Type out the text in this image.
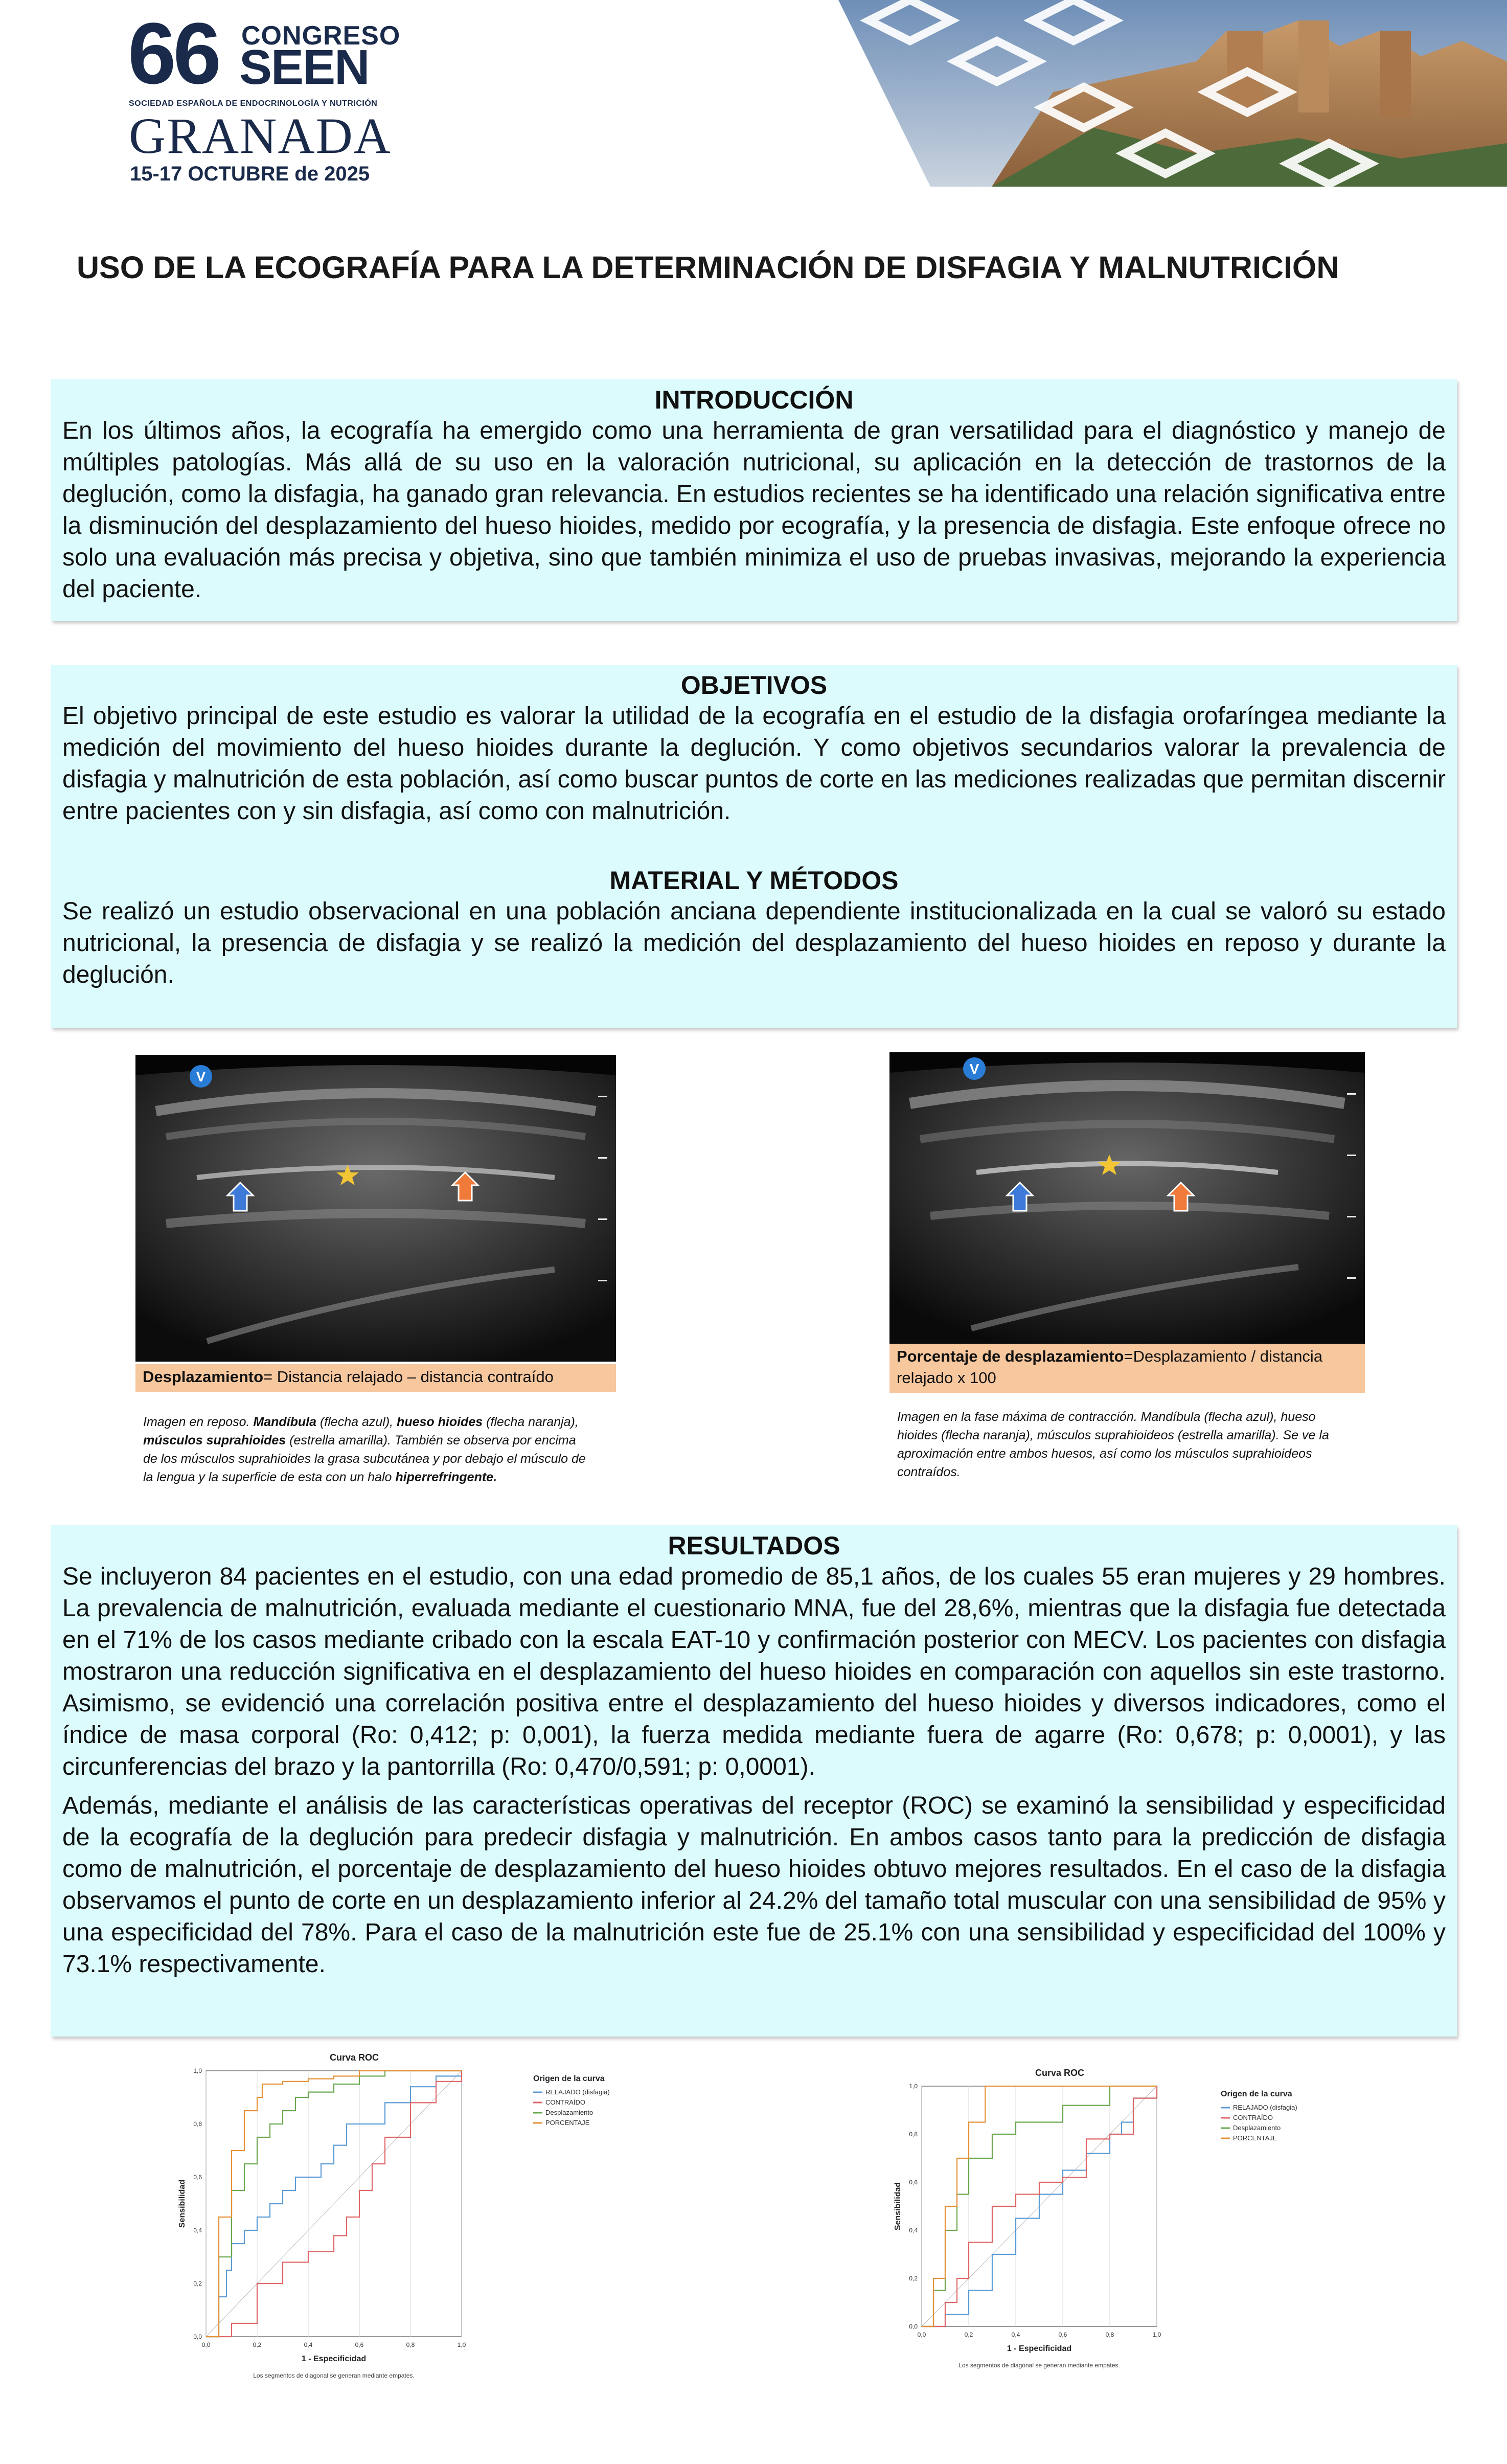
66 CONGRESO
SEEN
SOCIEDAD ESPAÑOLA DE ENDOCRINOLOGÍA Y NUTRICIÓN
GRANADA
15-17 OCTUBRE de 2025
USO DE LA ECOGRAFÍA PARA LA DETERMINACIÓN DE DISFAGIA Y MALNUTRICIÓN
INTRODUCCIÓN

En los últimos años, la ecografía ha emergido como una herramienta de gran versatilidad para el diagnóstico y manejo de múltiples patologías. Más allá de su uso en la valoración nutricional, su aplicación en la detección de trastornos de la deglución, como la disfagia, ha ganado gran relevancia. En estudios recientes se ha identificado una relación significativa entre la disminución del desplazamiento del hueso hioides, medido por ecografía, y la presencia de disfagia. Este enfoque ofrece no solo una evaluación más precisa y objetiva, sino que también minimiza el uso de pruebas invasivas, mejorando la experiencia del paciente.

OBJETIVOS

El objetivo principal de este estudio es valorar la utilidad de la ecografía en el estudio de la disfagia orofaríngea mediante la medición del movimiento del hueso hioides durante la deglución. Y como objetivos secundarios valorar la prevalencia de disfagia y malnutrición de esta población, así como buscar puntos de corte en las mediciones realizadas que permitan discernir entre pacientes con y sin disfagia, así como con malnutrición.

MATERIAL Y MÉTODOS

Se realizó un estudio observacional en una población anciana dependiente institucionalizada en la cual se valoró su estado nutricional, la presencia de disfagia y se realizó la medición del desplazamiento del hueso hioides en reposo y durante la deglución.

V
Desplazamiento= Distancia relajado – distancia contraído
Imagen en reposo. Mandíbula (flecha azul), hueso hioides (flecha naranja), músculos suprahioides (estrella amarilla). También se observa por encima de los músculos suprahioides la grasa subcutánea y por debajo el músculo de la lengua y la superficie de esta con un halo hiperrefringente.
V
Porcentaje de desplazamiento=Desplazamiento / distancia relajado x 100
Imagen en la fase máxima de contracción. Mandíbula (flecha azul), hueso hioides (flecha naranja), músculos suprahioideos (estrella amarilla). Se ve la aproximación entre ambos huesos, así como los músculos suprahioideos contraídos.
RESULTADOS

Se incluyeron 84 pacientes en el estudio, con una edad promedio de 85,1 años, de los cuales 55 eran mujeres y 29 hombres. La prevalencia de malnutrición, evaluada mediante el cuestionario MNA, fue del 28,6%, mientras que la disfagia fue detectada en el 71% de los casos mediante cribado con la escala EAT-10 y confirmación posterior con MECV. Los pacientes con disfagia mostraron una reducción significativa en el desplazamiento del hueso hioides en comparación con aquellos sin este trastorno. Asimismo, se evidenció una correlación positiva entre el desplazamiento del hueso hioides y diversos indicadores, como el índice de masa corporal (Ro: 0,412; p: 0,001), la fuerza medida mediante fuera de agarre (Ro: 0,678; p: 0,0001), y las circunferencias del brazo y la pantorrilla (Ro: 0,470/0,591; p: 0,0001).

Además, mediante el análisis de las características operativas del receptor (ROC) se examinó la sensibilidad y especificidad de la ecografía de la deglución para predecir disfagia y malnutrición. En ambos casos tanto para la predicción de disfagia como de malnutrición, el porcentaje de desplazamiento del hueso hioides obtuvo mejores resultados. En el caso de la disfagia observamos el punto de corte en un desplazamiento inferior al 24.2% del tamaño total muscular con una sensibilidad de 95% y una especificidad del 78%. Para el caso de la malnutrición este fue de 25.1% con una sensibilidad y especificidad del 100% y 73.1% respectivamente.

Curva ROC
0,0
0,0
0,2
0,2
0,4
0,4
0,6
0,6
0,8
0,8
1,0
1,0
1 - Especificidad
Sensibilidad
Los segmentos de diagonal se generan mediante empates.
Origen de la curva
RELAJADO (disfagia)
CONTRAÍDO
Desplazamiento
PORCENTAJE
Curva ROC
0,0
0,0
0,2
0,2
0,4
0,4
0,6
0,6
0,8
0,8
1,0
1,0
1 - Especificidad
Sensibilidad
Los segmentos de diagonal se generan mediante empates.
Origen de la curva
RELAJADO (disfagia)
CONTRAÍDO
Desplazamiento
PORCENTAJE
